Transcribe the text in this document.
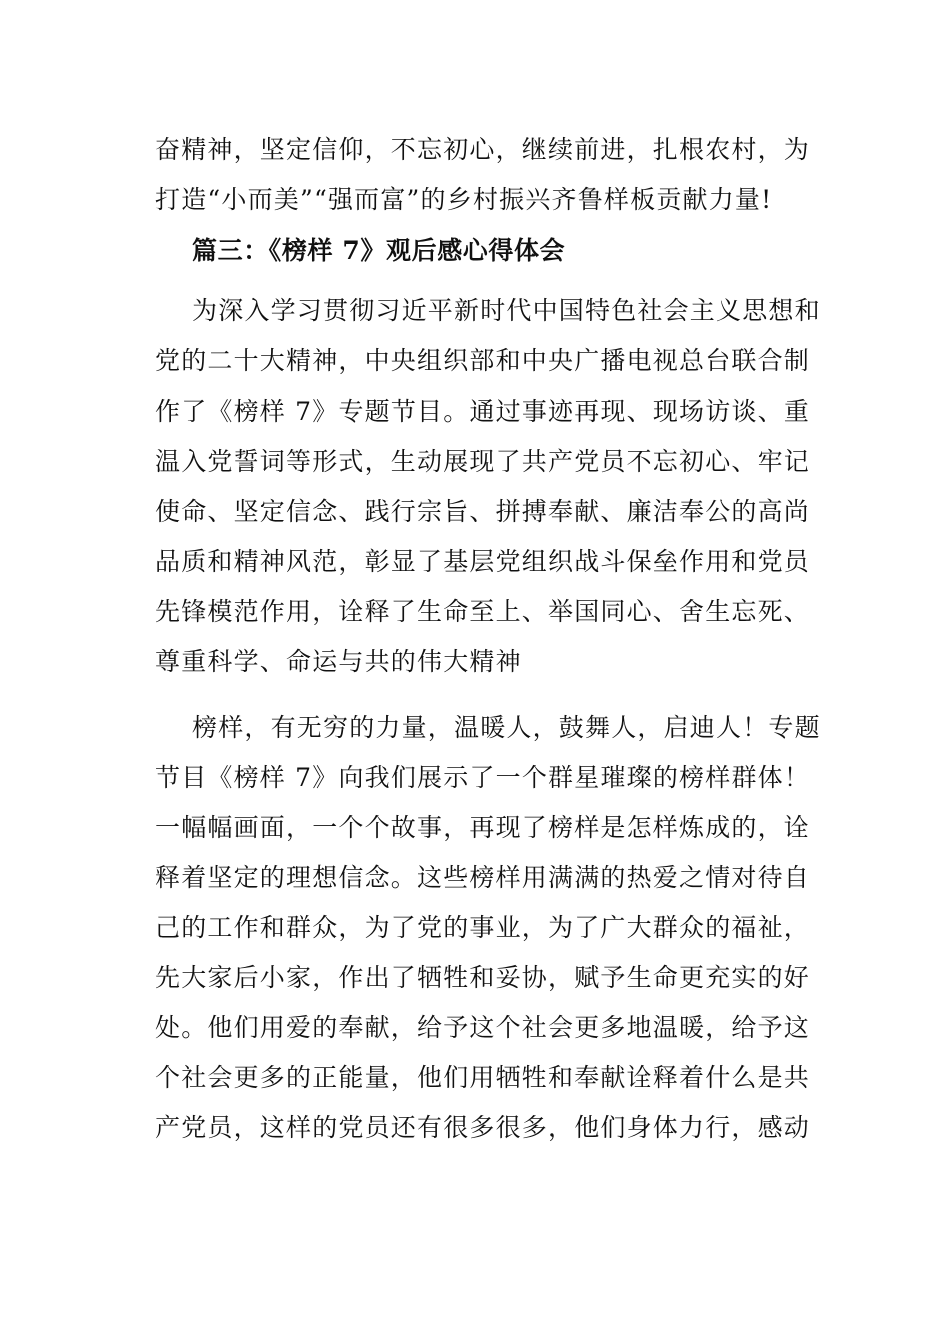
奋精神，坚定信仰，不忘初心，继续前进，扎根农村，为
打造“小而美”“强而富”的乡村振兴齐鲁样板贡献力量!
篇三：《榜样 7》观后感心得体会
为深入学习贯彻习近平新时代中国特色社会主义思想和
党的二十大精神，中央组织部和中央广播电视总台联合制
作了《榜样 7》专题节目。通过事迹再现、现场访谈、重
温入党誓词等形式，生动展现了共产党员不忘初心、牢记
使命、坚定信念、践行宗旨、拼搏奉献、廉洁奉公的高尚
品质和精神风范，彰显了基层党组织战斗保垒作用和党员
先锋模范作用，诠释了生命至上、举国同心、舍生忘死、
尊重科学、命运与共的伟大精神
榜样，有无穷的力量，温暖人，鼓舞人，启迪人！专题
节目《榜样 7》向我们展示了一个群星璀璨的榜样群体！
一幅幅画面，一个个故事，再现了榜样是怎样炼成的，诠
释着坚定的理想信念。这些榜样用满满的热爱之情对待自
己的工作和群众，为了党的事业，为了广大群众的福祉，
先大家后小家，作出了牺牲和妥协，赋予生命更充实的好
处。他们用爱的奉献，给予这个社会更多地温暖，给予这
个社会更多的正能量，他们用牺牲和奉献诠释着什么是共
产党员，这样的党员还有很多很多，他们身体力行，感动
